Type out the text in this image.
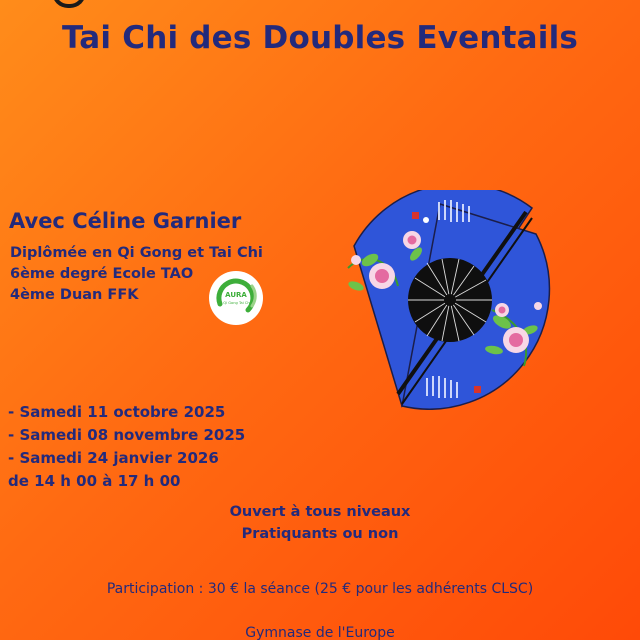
Tai Chi des Doubles Eventails
Avec Céline Garnier
Diplômée en Qi Gong et Tai Chi
6ème degré Ecole TAO
4ème Duan FFK	AURA
Qi Gong Tai Chi
- Samedi 11 octobre 2025
- Samedi 08 novembre 2025
- Samedi 24 janvier 2026
de 14 h 00 à 17 h 00
Ouvert à tous niveaux
Pratiquants ou non
Participation : 30 € la séance (25 € pour les adhérents CLSC)
Gymnase de l'Europe
